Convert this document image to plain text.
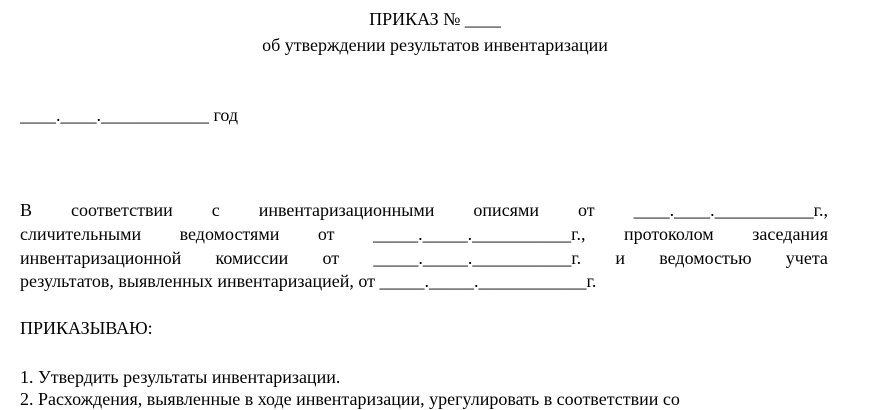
ПРИКАЗ № ____
об утверждении результатов инвентаризации
____.____.____________ год
В соответствии с инвентаризационными описями от ____.____.___________г.,
сличительными ведомостями от _____._____.___________г., протоколом заседания
инвентаризационной комиссии от _____._____.___________г. и ведомостью учета
результатов, выявленных инвентаризацией, от _____._____.____________г.
ПРИКАЗЫВАЮ:
1. Утвердить результаты инвентаризации.
2. Расхождения, выявленные в ходе инвентаризации, урегулировать в соответствии со
